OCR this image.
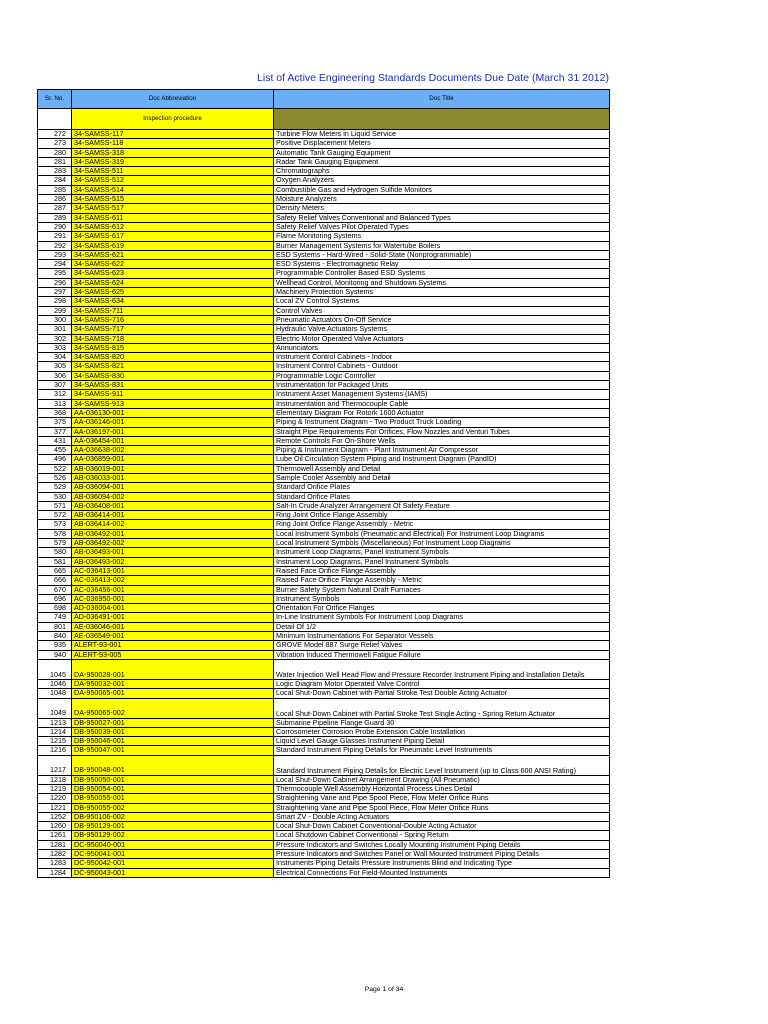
List of Active Engineering Standards Documents Due Date (March 31 2012)
Sr. No.	Doc Abbreviation	Doc Title
	Inspection procedure	
272	34-SAMSS-117	Turbine Flow Meters in Liquid Service
273	34-SAMSS-118	Positive Displacement Meters
280	34-SAMSS-318	Automatic Tank Gauging Equipment
281	34-SAMSS-319	Radar Tank Gauging Equipment
283	34-SAMSS-511	Chromatographs
284	34-SAMSS-512	Oxygen Analyzers
285	34-SAMSS-514	Combustible Gas and Hydrogen Sulfide Monitors
286	34-SAMSS-515	Moisture Analyzers
287	34-SAMSS-517	Density Meters
289	34-SAMSS-611	Safety Relief Valves Conventional and Balanced Types
290	34-SAMSS-612	Safety Relief Valves Pilot Operated Types
291	34-SAMSS-617	Flame Monitoring Systems
292	34-SAMSS-619	Burner Management Systems for Watertube Boilers
293	34-SAMSS-621	ESD Systems - Hard-Wired - Solid-State (Nonprogrammable)
294	34-SAMSS-622	ESD Systems - Electromagnetic Relay
295	34-SAMSS-623	Programmable Controller Based ESD Systems
296	34-SAMSS-624	Wellhead Control, Monitoring and Shutdown Systems
297	34-SAMSS-625	Machinery Protection Systems
298	34-SAMSS-634	Local ZV Control Systems
299	34-SAMSS-711	Control Valves
300	34-SAMSS-716	Pneumatic Actuators On-Off Service
301	34-SAMSS-717	Hydraulic Valve Actuators Systems
302	34-SAMSS-718	Electric Motor Operated Valve Actuators
303	34-SAMSS-815	Annunciators
304	34-SAMSS-820	Instrument Control Cabinets - Indoor
305	34-SAMSS-821	Instrument Control Cabinets - Outdoor
306	34-SAMSS-830	Programmable Logic Controller
307	34-SAMSS-831	Instrumentation for Packaged Units
312	34-SAMSS-911	Instrument Asset Management Systems (IAMS)
313	34-SAMSS-913	Instrumentation and Thermocouple Cable
368	AA-036130-001	Elementary Diagram For Rotork 1600 Actuator
375	AA-036146-001	Piping & Instrument Diagram - Two Product Truck Loading
377	AA-036197-001	Straight Pipe Requirements For Orifices, Flow Nozzles and Venturi Tubes
431	AA-036454-001	Remote Controls For On-Shore Wells
455	AA-036638-002	Piping & Instrument Diagram - Plant Instrument Air Compressor
496	AA-036859-001	Lube Oil Circulation System Piping and Instrument Diagram (PandID)
522	AB-036019-001	Thermowell Assembly and Detail
526	AB-036033-001	Sample Cooler Assembly and Detail
529	AB-036094-001	Standard Orifice Plates
530	AB-036094-002	Standard Orifice Plates
571	AB-036408-001	Salt-In Crude Analyzer Arrangement Of Safety Feature
572	AB-036414-001	Ring Joint Orifice Flange Assembly
573	AB-036414-002	Ring Joint Orifice Flange Assembly - Metric
578	AB-036492-001	Local Instrument Symbols (Pneumatic and Electrical) For Instrument Loop Diagrams
579	AB-036492-002	Local Instrument Symbols (Miscellaneous) For Instrument Loop Diagrams
580	AB-036493-001	Instrument Loop Diagrams, Panel Instrument Symbols
581	AB-036493-002	Instrument Loop Diagrams, Panel Instrument Symbols
665	AC-036413-001	Raised Face Orifice Flange Assembly
666	AC-036413-002	Raised Face Orifice Flange Assembly - Metric
670	AC-036456-001	Burner Safety System Natural Draft Furnaces
696	AC-036950-001	Instrument Symbols
698	AD-036004-001	Orientation For Orifice Flanges
749	AD-036491-001	In-Line Instrument Symbols For Instrument Loop Diagrams
801	AE-036046-001	Detail Of 1/2
840	AE-036549-001	Minimum Instrumentations For Separator Vessels
935	ALERT-93-001	GROVE Model 887 Surge Relief Valves
940	ALERT-93-005	Vibration Induced Thermowell Fatigue Failure
1045	DA-950028-001	Water Injection Well Head Flow and Pressure Recorder Instrument Piping and Installation Details
1046	DA-950032-001	Logic Diagram Motor Operated Valve Control
1048	DA-950065-001	Local Shut-Down Cabinet with Partial Stroke Test Double Acting Actuator
1049	DA-950065-002	Local Shut-Down Cabinet with Partial Stroke Test Single Acting - Spring Return Actuator
1213	DB-950027-001	Submarine Pipeline Flange Guard 30
1214	DB-950039-001	Corrosometer Corrosion Probe Extension Cable Installation
1215	DB-950046-001	Liquid Level Gauge Glasses Instrument Piping Detail
1216	DB-950047-001	Standard Instrument Piping Details for Pneumatic Level Instruments
1217	DB-950048-001	Standard Instrument Piping Details for Electric Level Instrument (up to Class 600 ANSI Rating)
1218	DB-950050-001	Local Shut-Down Cabinet Arrangement Drawing (All Pneumatic)
1219	DB-950054-001	Thermocouple Well Assembly Horizontal Process Lines Detail
1220	DB-950055-001	Straightening Vane and Pipe Spool Piece, Flow Meter Orifice Runs
1221	DB-950055-002	Straightening Vane and Pipe Spool Piece, Flow Meter Orifice Runs
1252	DB-950106-002	Smart ZV - Double Acting Actuators
1260	DB-950129-001	Local Shut-Down Cabinet Conventional-Double Acting Actuator
1261	DB-950129-002	Local Shutdown Cabinet Conventional - Spring Return
1281	DC-950040-001	Pressure Indicators and Switches Locally Mounting Instrument Piping Details
1282	DC-950041-001	Pressure Indicators and Switches Panel or Wall Mounted Instrument Piping Details
1283	DC-950042-001	Instruments Piping Details Pressure Instruments Blind and Indicating Type
1284	DC-950043-001	Electrical Connections For Field-Mounted Instruments
Page 1 of 34
